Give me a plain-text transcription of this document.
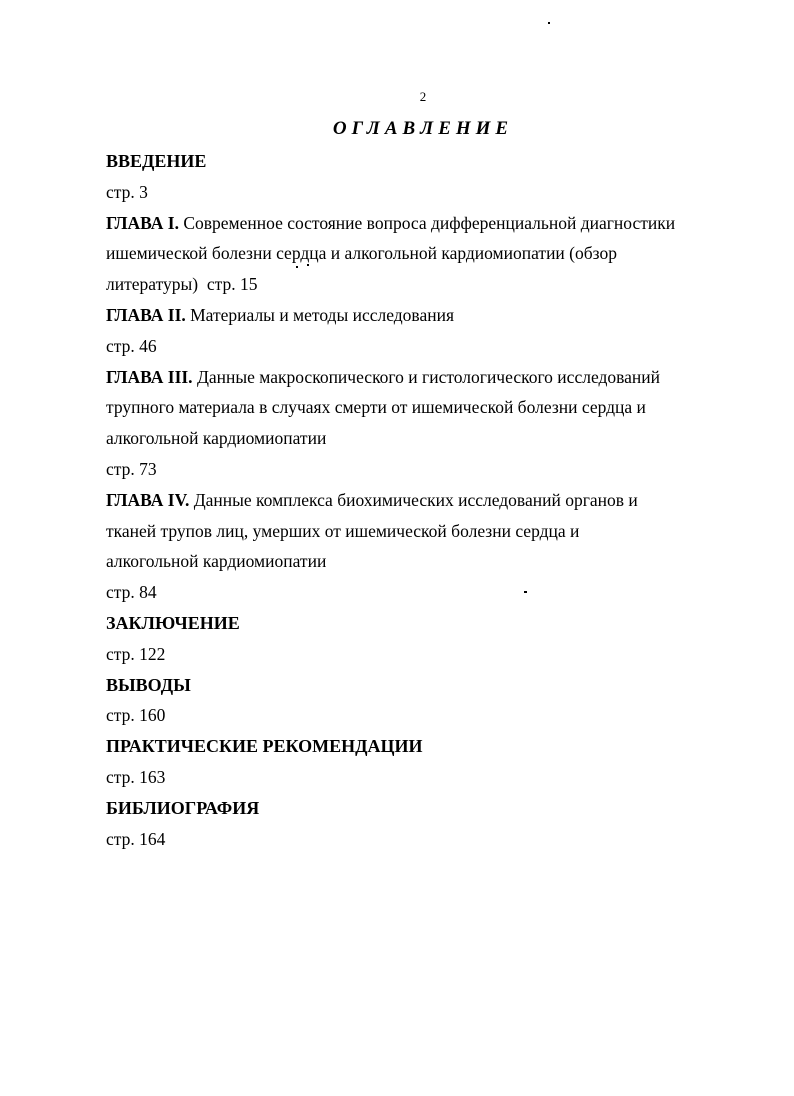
2
ОГЛАВЛЕНИЕ

ВВЕДЕНИЕ

стр. 3

ГЛАВА I. Современное состояние вопроса дифференциальной диагностики

ишемической болезни сердца и алкогольной кардиомиопатии (обзор

литературы) стр. 15

ГЛАВА II. Материалы и методы исследования

стр. 46

ГЛАВА III. Данные макроскопического и гистологического исследований

трупного материала в случаях смерти от ишемической болезни сердца и

алкогольной кардиомиопатии

стр. 73

ГЛАВА IV. Данные комплекса биохимических исследований органов и

тканей трупов лиц, умерших от ишемической болезни сердца и

алкогольной кардиомиопатии

стр. 84

ЗАКЛЮЧЕНИЕ

стр. 122

ВЫВОДЫ

стр. 160

ПРАКТИЧЕСКИЕ РЕКОМЕНДАЦИИ

стр. 163

БИБЛИОГРАФИЯ

стр. 164
